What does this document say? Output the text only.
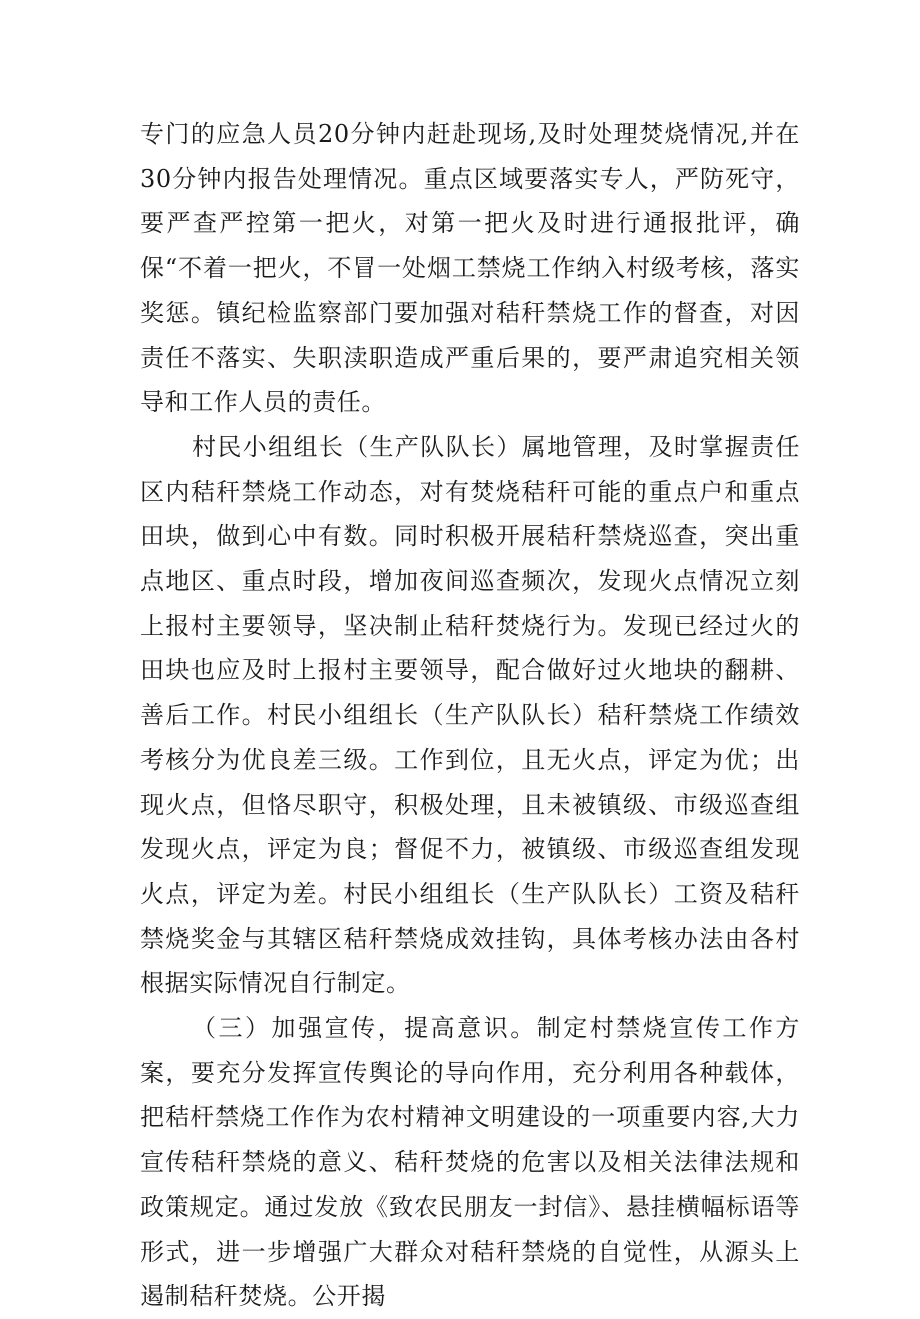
专门的应急人员20分钟内赶赴现场,及时处理焚烧情况,并在30分钟内报告处理情况。重点区域要落实专人，严防死守，要严查严控第一把火，对第一把火及时进行通报批评，确保“不着一把火，不冒一处烟工禁烧工作纳入村级考核，落实奖惩。镇纪检监察部门要加强对秸秆禁烧工作的督查，对因责任不落实、失职渎职造成严重后果的，要严肃追究相关领导和工作人员的责任。

村民小组组长（生产队队长）属地管理，及时掌握责任区内秸秆禁烧工作动态，对有焚烧秸秆可能的重点户和重点田块，做到心中有数。同时积极开展秸秆禁烧巡查，突出重点地区、重点时段，增加夜间巡查频次，发现火点情况立刻上报村主要领导，坚决制止秸秆焚烧行为。发现已经过火的田块也应及时上报村主要领导，配合做好过火地块的翻耕、善后工作。村民小组组长（生产队队长）秸秆禁烧工作绩效考核分为优良差三级。工作到位，且无火点，评定为优；出现火点，但恪尽职守，积极处理，且未被镇级、市级巡查组发现火点，评定为良；督促不力，被镇级、市级巡查组发现火点，评定为差。村民小组组长（生产队队长）工资及秸秆禁烧奖金与其辖区秸秆禁烧成效挂钩，具体考核办法由各村根据实际情况自行制定。

（三）加强宣传，提高意识。制定村禁烧宣传工作方案，要充分发挥宣传舆论的导向作用，充分利用各种载体，把秸杆禁烧工作作为农村精神文明建设的一项重要内容,大力宣传秸秆禁烧的意义、秸秆焚烧的危害以及相关法律法规和政策规定。通过发放《致农民朋友一封信》、悬挂横幅标语等形式，进一步增强广大群众对秸秆禁烧的自觉性，从源头上遏制秸秆焚烧。公开揭
